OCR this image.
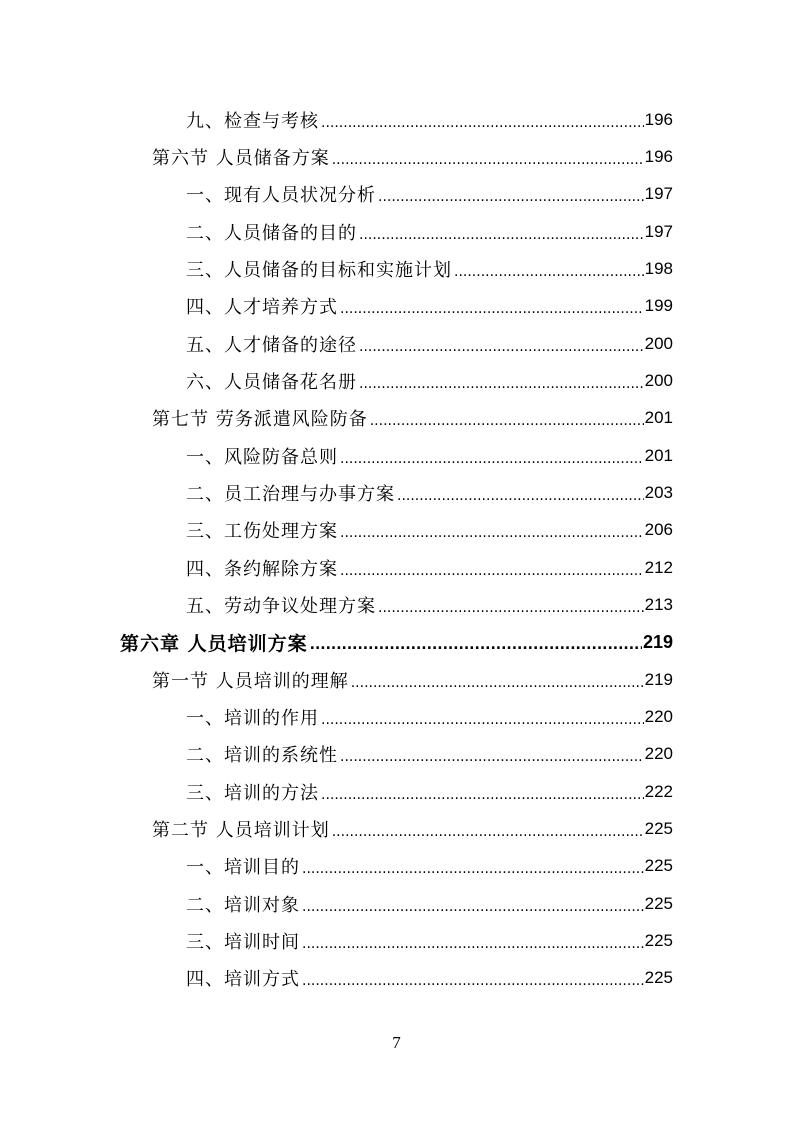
九、检查与考核 .....	196
第六节 人员储备方案 .....	196
一、现有人员状况分析 .....	197
二、人员储备的目的 .....	197
三、人员储备的目标和实施计划 .....	198
四、人才培养方式 .....	199
五、人才储备的途径 .....	200
六、人员储备花名册 .....	200
第七节 劳务派遣风险防备 .....	201
一、风险防备总则 .....	201
二、员工治理与办事方案 .....	203
三、工伤处理方案 .....	206
四、条约解除方案 .....	212
五、劳动争议处理方案 .....	213
第六章 人员培训方案 .....	219
第一节 人员培训的理解 .....	219
一、培训的作用 .....	220
二、培训的系统性 .....	220
三、培训的方法 .....	222
第二节 人员培训计划 .....	225
一、培训目的 .....	225
二、培训对象 .....	225
三、培训时间 .....	225
四、培训方式 .....	225
7
